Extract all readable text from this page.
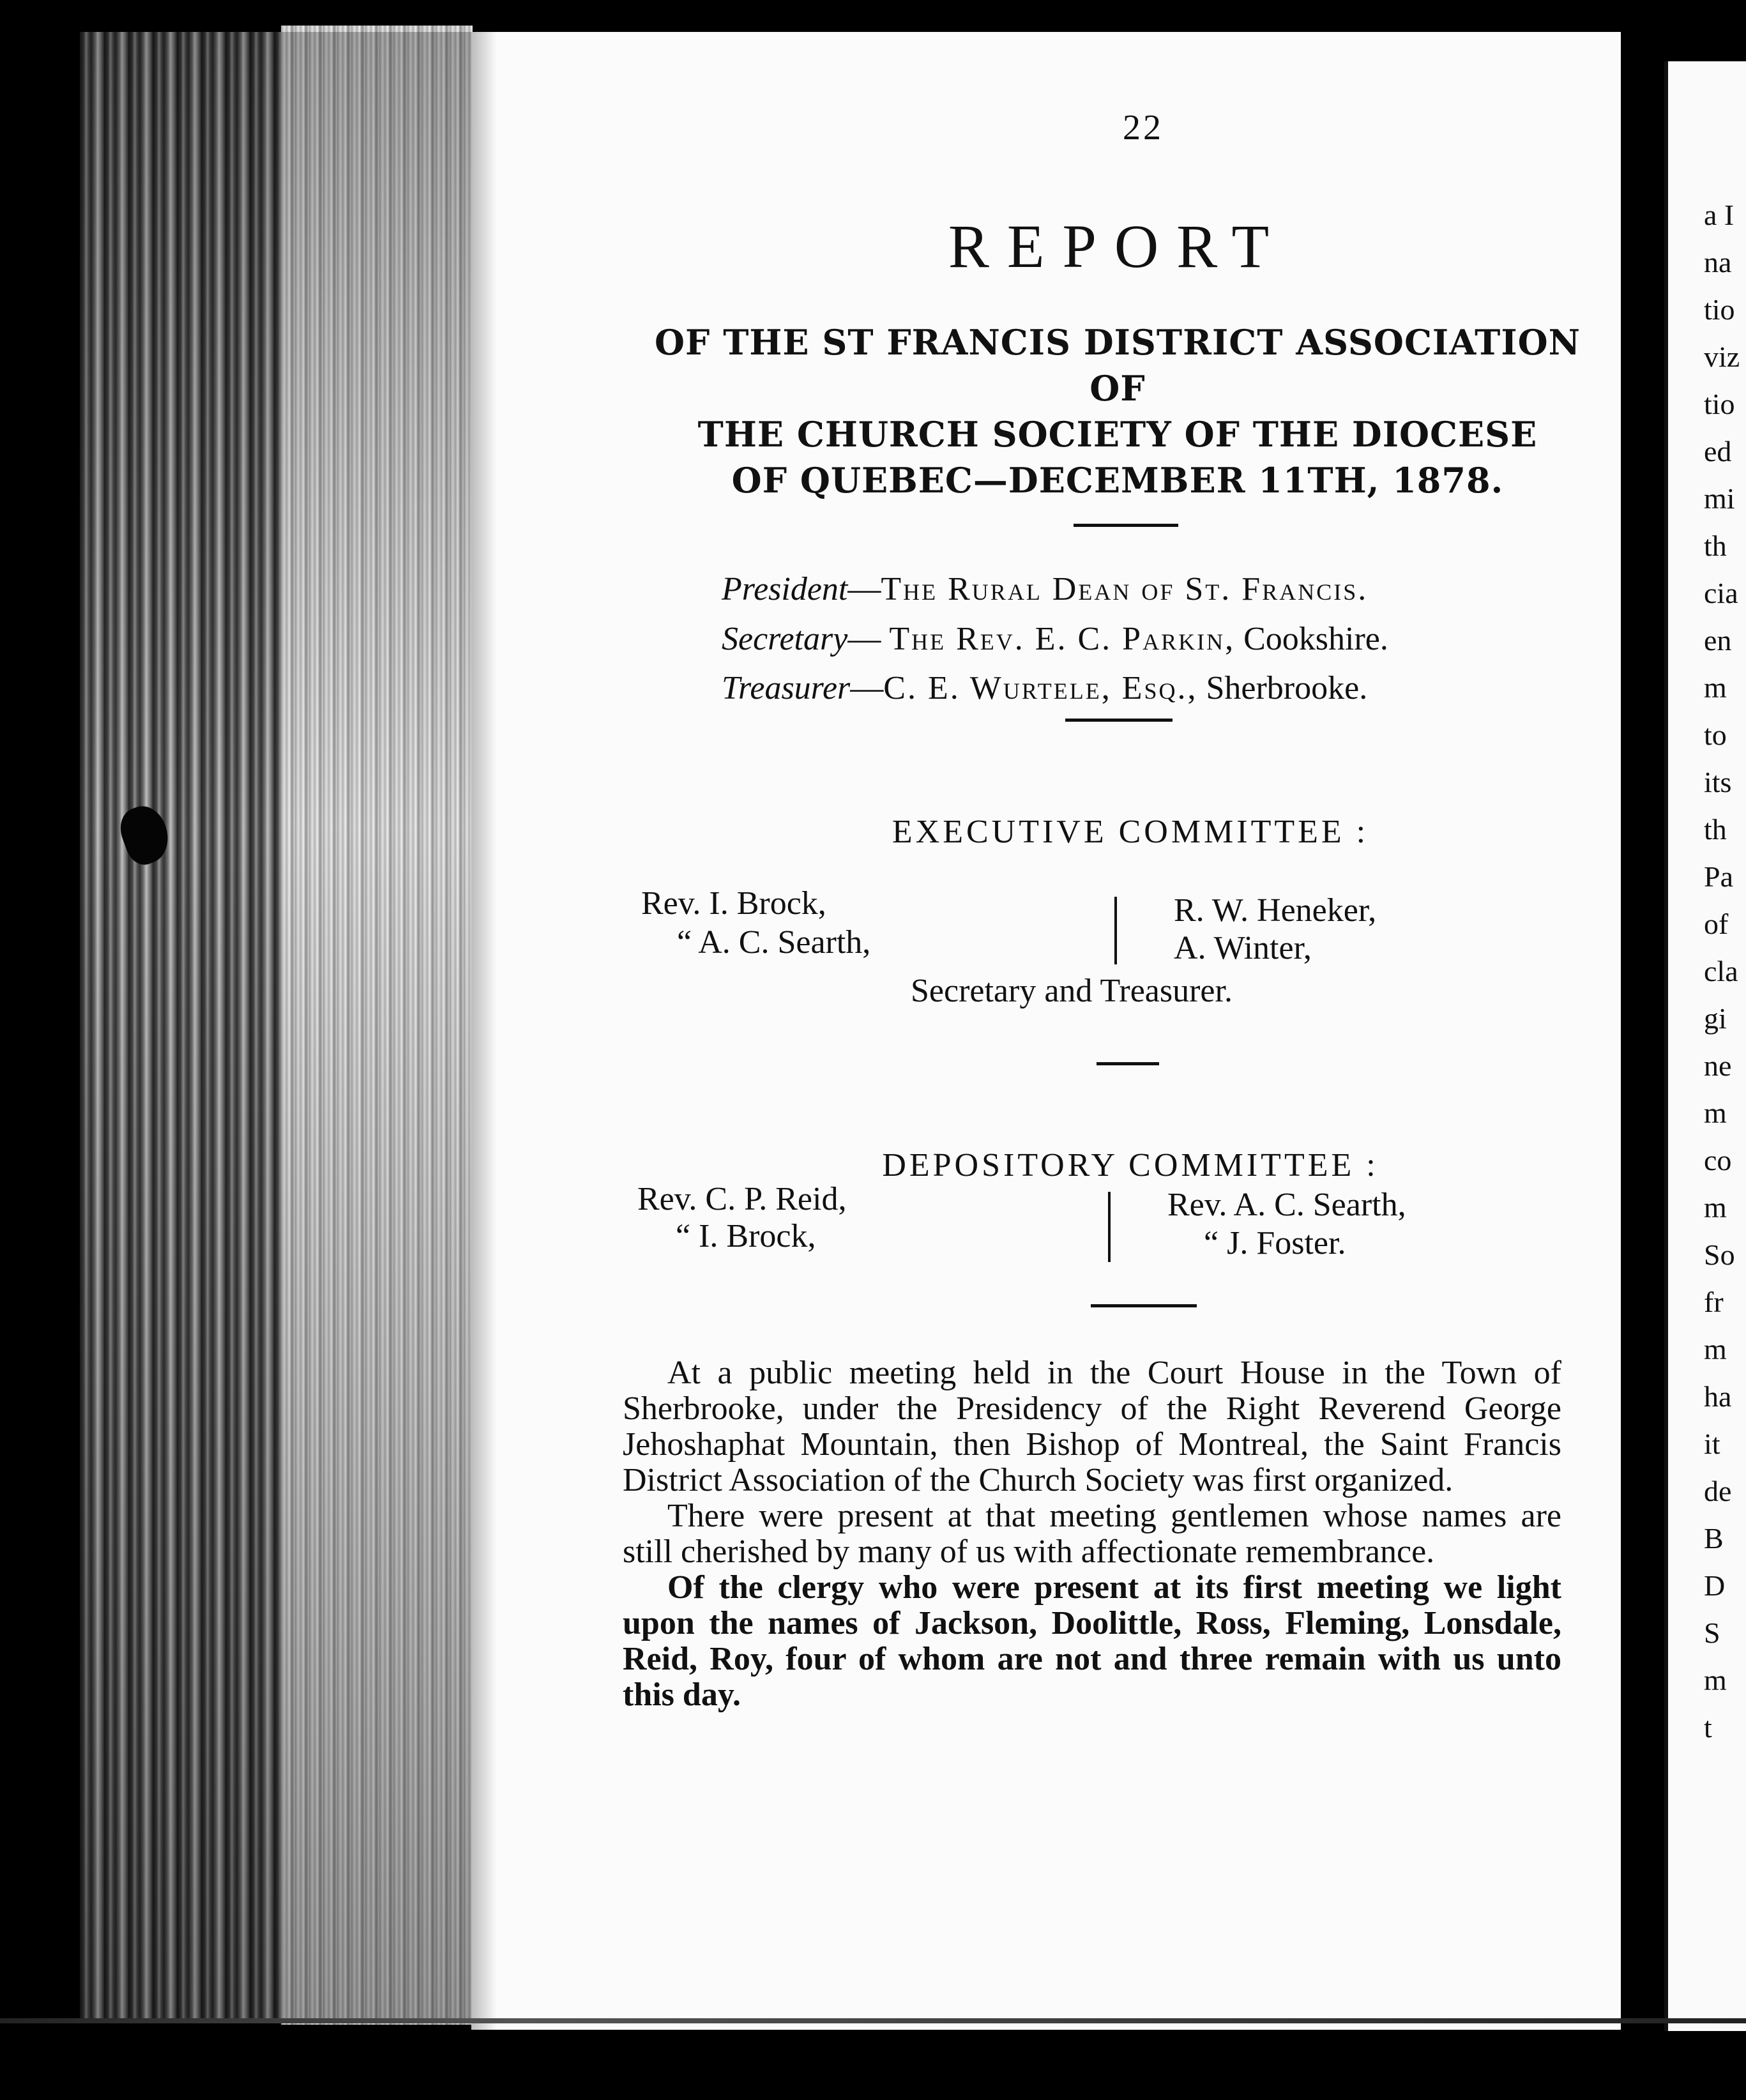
22
REPORT
OF THE ST FRANCIS DISTRICT ASSOCIATION OF
THE CHURCH SOCIETY OF THE DIOCESE
OF QUEBEC—DECEMBER 11TH, 1878.
President—The Rural Dean of St. Francis.
Secretary— The Rev. E. C. Parkin, Cookshire.
Treasurer—C. E. Wurtele, Esq., Sherbrooke.
EXECUTIVE COMMITTEE :
Rev. I. Brock,
“ A. C. Searth,
R. W. Heneker,
A. Winter,
Secretary and Treasurer.
DEPOSITORY COMMITTEE :
Rev. C. P. Reid,
“ I. Brock,
Rev. A. C. Searth,
“ J. Foster.

At a public meeting held in the Court House in the Town of Sherbrooke, under the Presidency of the Right Reverend George Jehoshaphat Mountain, then Bishop of Montreal, the Saint Francis District Association of the Church Society was first organized.

There were present at that meeting gentlemen whose names are still cherished by many of us with affectionate remembrance.

Of the clergy who were present at its first meeting we light upon the names of Jackson, Doolittle, Ross, Fleming, Lonsdale, Reid, Roy, four of whom are not and three remain with us unto this day.

a I
na
tio
viz
tio
ed
mi
th
cia
en
m
to
its
th
Pa
of
cla
gi
ne
m
co
m
So
fr
m
ha
it
de
B
D
S
m
t
